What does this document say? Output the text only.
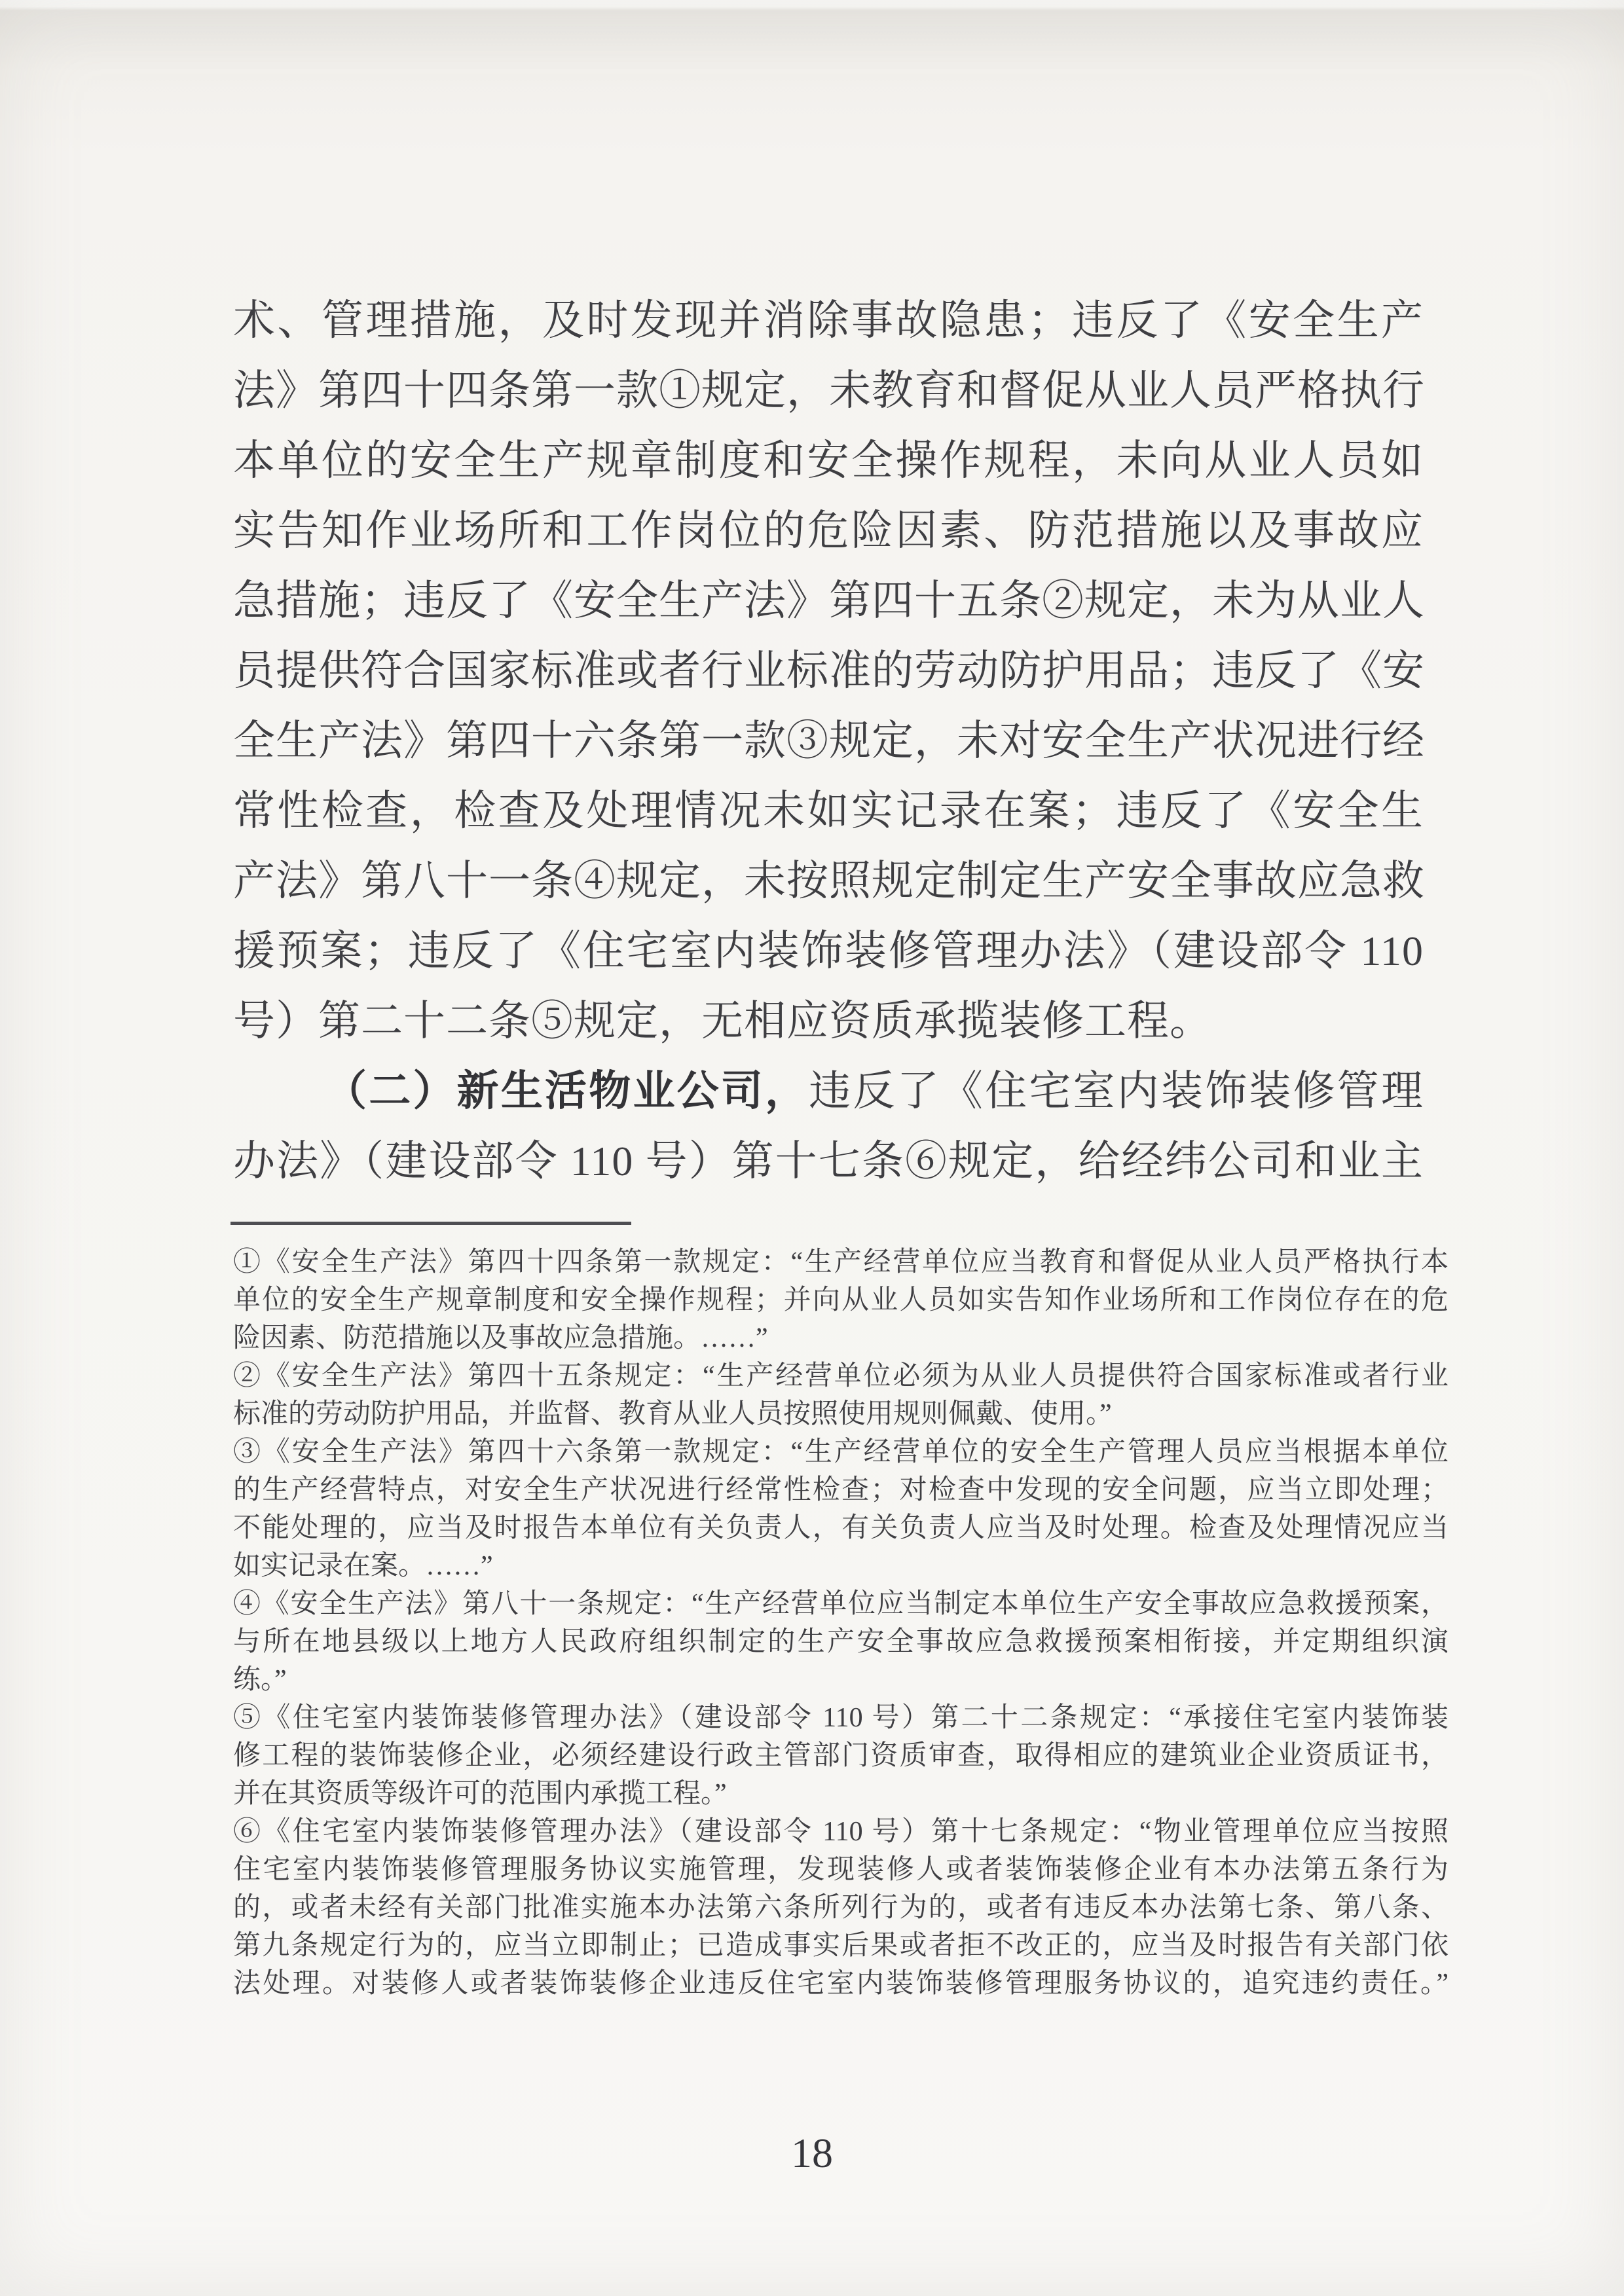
术、管理措施，及时发现并消除事故隐患；违反了《安全生产
法》第四十四条第一款①规定，未教育和督促从业人员严格执行
本单位的安全生产规章制度和安全操作规程，未向从业人员如
实告知作业场所和工作岗位的危险因素、防范措施以及事故应
急措施；违反了《安全生产法》第四十五条②规定，未为从业人
员提供符合国家标准或者行业标准的劳动防护用品；违反了《安
全生产法》第四十六条第一款③规定，未对安全生产状况进行经
常性检查，检查及处理情况未如实记录在案；违反了《安全生
产法》第八十一条④规定，未按照规定制定生产安全事故应急救
援预案；违反了《住宅室内装饰装修管理办法》（建设部令 110
号）第二十二条⑤规定，无相应资质承揽装修工程。
（二）新生活物业公司，违反了《住宅室内装饰装修管理
办法》（建设部令 110 号）第十七条⑥规定，给经纬公司和业主
①《安全生产法》第四十四条第一款规定：“生产经营单位应当教育和督促从业人员严格执行本
单位的安全生产规章制度和安全操作规程；并向从业人员如实告知作业场所和工作岗位存在的危
险因素、防范措施以及事故应急措施。……”
②《安全生产法》第四十五条规定：“生产经营单位必须为从业人员提供符合国家标准或者行业
标准的劳动防护用品，并监督、教育从业人员按照使用规则佩戴、使用。”
③《安全生产法》第四十六条第一款规定：“生产经营单位的安全生产管理人员应当根据本单位
的生产经营特点，对安全生产状况进行经常性检查；对检查中发现的安全问题，应当立即处理；
不能处理的，应当及时报告本单位有关负责人，有关负责人应当及时处理。检查及处理情况应当
如实记录在案。……”
④《安全生产法》第八十一条规定：“生产经营单位应当制定本单位生产安全事故应急救援预案，
与所在地县级以上地方人民政府组织制定的生产安全事故应急救援预案相衔接，并定期组织演
练。”
⑤《住宅室内装饰装修管理办法》（建设部令 110 号）第二十二条规定：“承接住宅室内装饰装
修工程的装饰装修企业，必须经建设行政主管部门资质审查，取得相应的建筑业企业资质证书，
并在其资质等级许可的范围内承揽工程。”
⑥《住宅室内装饰装修管理办法》（建设部令 110 号）第十七条规定：“物业管理单位应当按照
住宅室内装饰装修管理服务协议实施管理，发现装修人或者装饰装修企业有本办法第五条行为
的，或者未经有关部门批准实施本办法第六条所列行为的，或者有违反本办法第七条、第八条、
第九条规定行为的，应当立即制止；已造成事实后果或者拒不改正的，应当及时报告有关部门依
法处理。对装修人或者装饰装修企业违反住宅室内装饰装修管理服务协议的，追究违约责任。”
18
